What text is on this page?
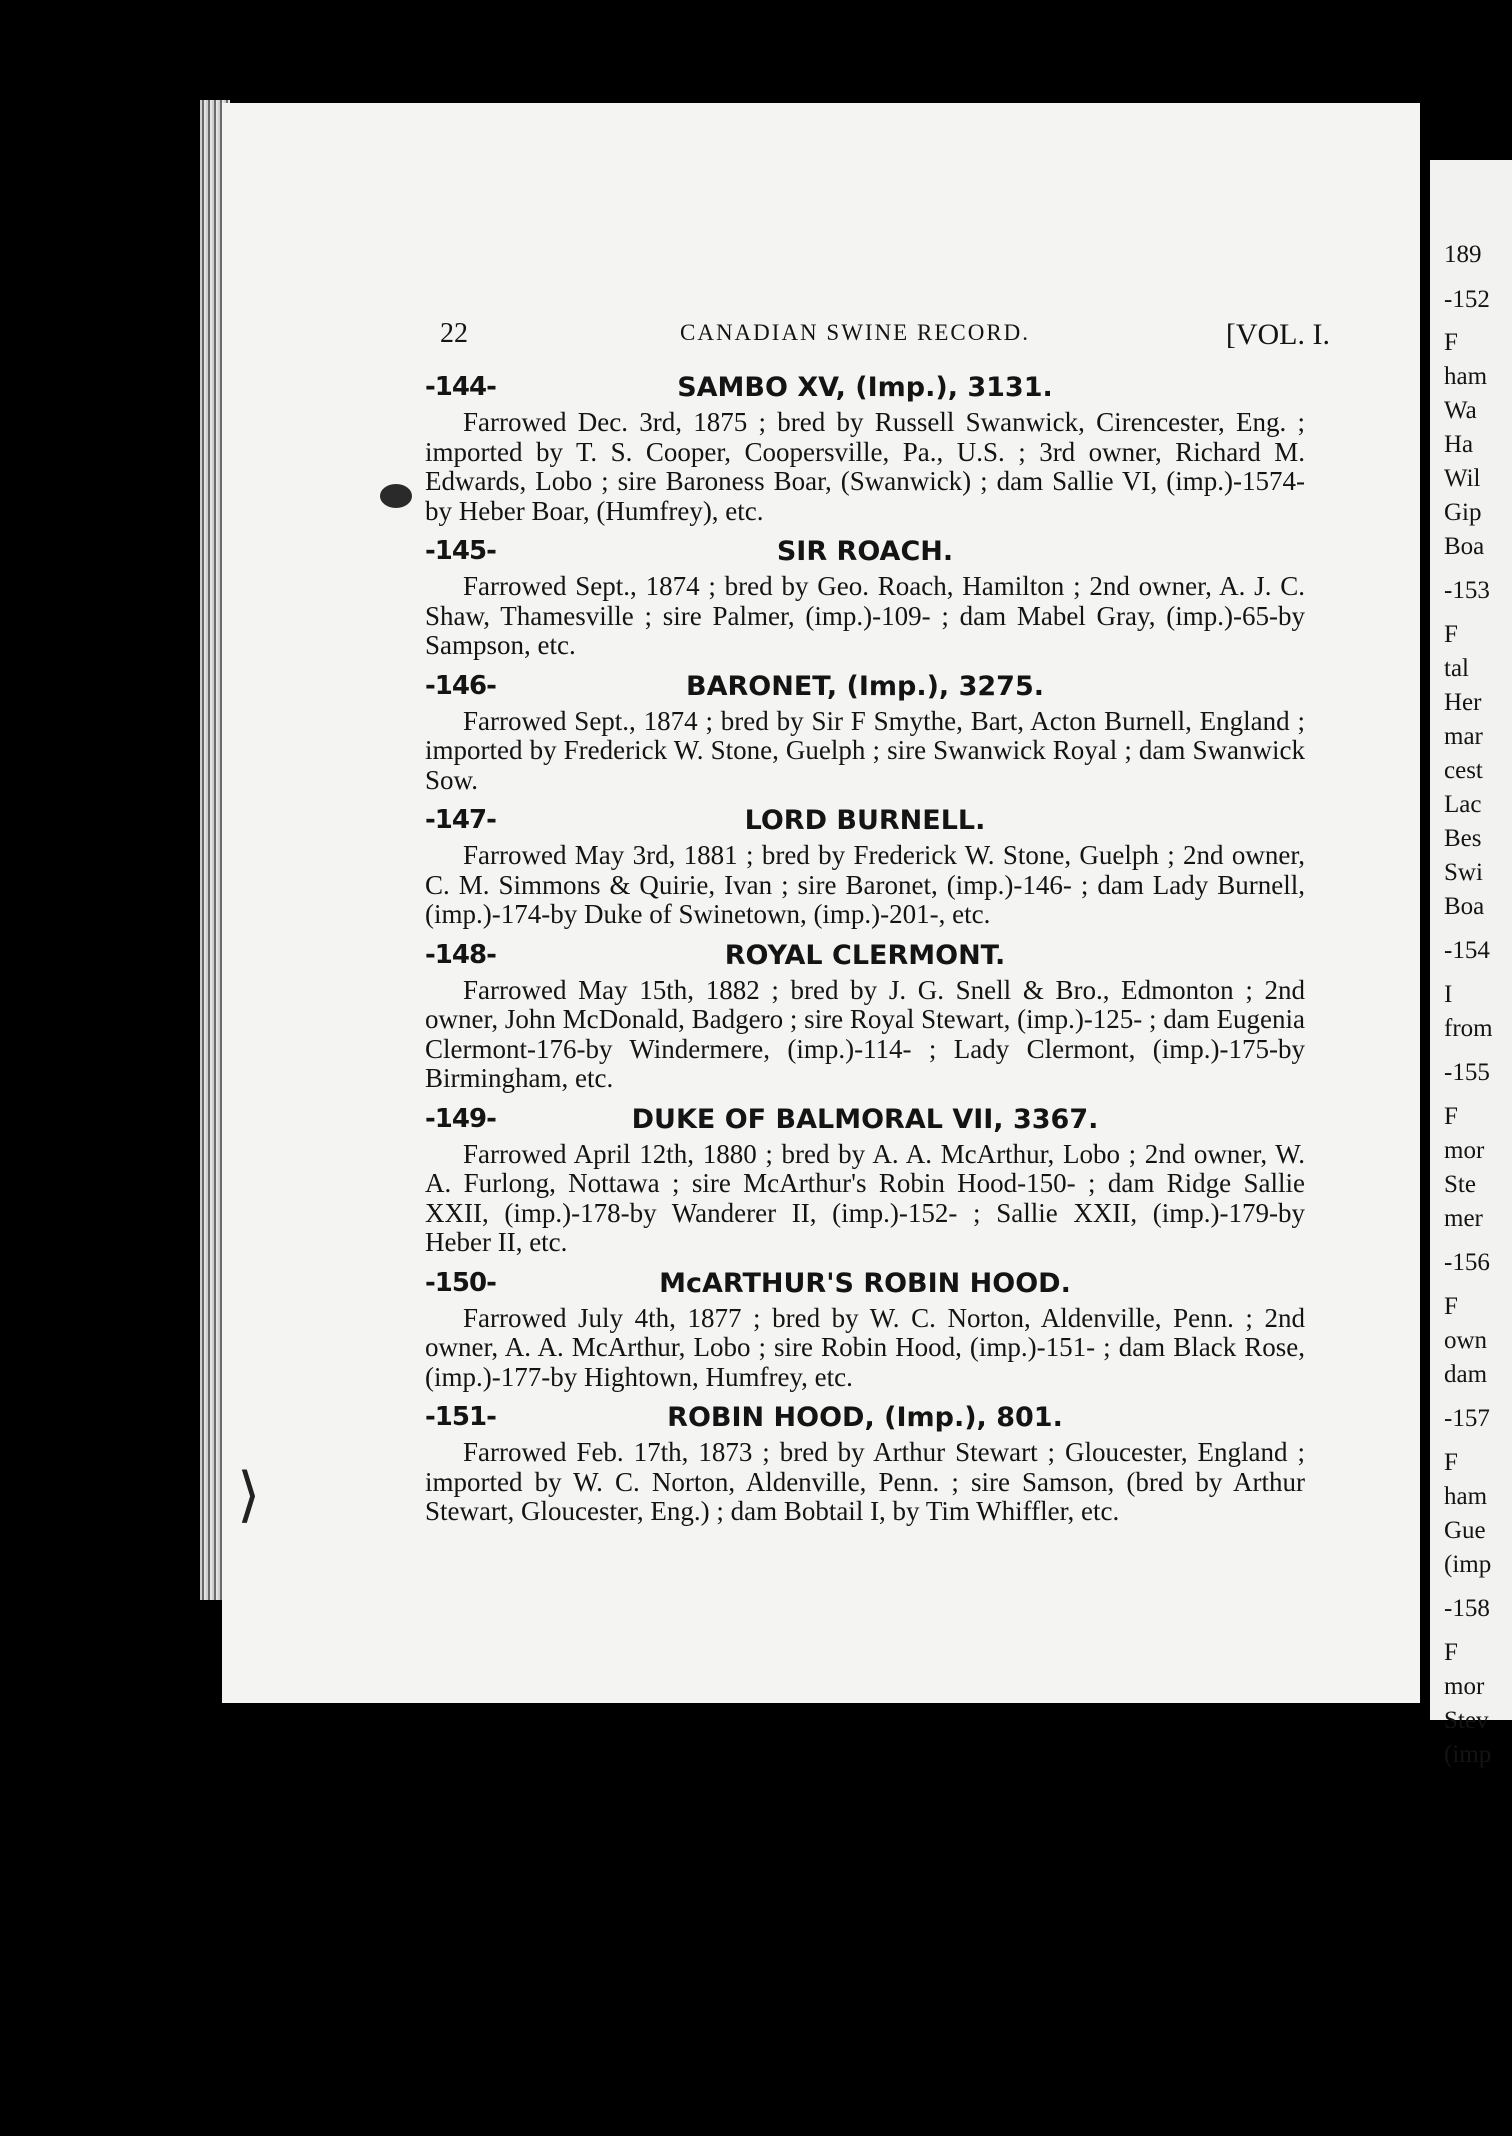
189
-152
F
ham
Wa
Ha
Wil
Gip
Boa
-153
F
tal
Her
mar
cest
Lac
Bes
Swi
Boa
-154
I
from
-155
F
mor
Ste
mer
-156
F
own
dam
-157
F
ham
Gue
(imp
-158
F
mor
Stev
(imp
⟩
22	CANADIAN SWINE RECORD.	[VOL. I.
-144-	SAMBO XV, (Imp.), 3131.

Farrowed Dec. 3rd, 1875 ; bred by Russell Swanwick, Cirencester, Eng. ; imported by T. S. Cooper, Coopersville, Pa., U.S. ; 3rd owner, Richard M. Edwards, Lobo ; sire Baroness Boar, (Swanwick) ; dam Sallie VI, (imp.)-1574-by Heber Boar, (Humfrey), etc.

-145-	SIR ROACH.

Farrowed Sept., 1874 ; bred by Geo. Roach, Hamilton ; 2nd owner, A. J. C. Shaw, Thamesville ; sire Palmer, (imp.)-109- ; dam Mabel Gray, (imp.)-65-by Sampson, etc.

-146-	BARONET, (Imp.), 3275.

Farrowed Sept., 1874 ; bred by Sir F Smythe, Bart, Acton Burnell, England ; imported by Frederick W. Stone, Guelph ; sire Swanwick Royal ; dam Swanwick Sow.

-147-	LORD BURNELL.

Farrowed May 3rd, 1881 ; bred by Frederick W. Stone, Guelph ; 2nd owner, C. M. Simmons & Quirie, Ivan ; sire Baronet, (imp.)-146- ; dam Lady Burnell, (imp.)-174-by Duke of Swinetown, (imp.)-201-, etc.

-148-	ROYAL CLERMONT.

Farrowed May 15th, 1882 ; bred by J. G. Snell & Bro., Edmonton ; 2nd owner, John McDonald, Badgero ; sire Royal Stewart, (imp.)-125- ; dam Eugenia Clermont-176-by Windermere, (imp.)-114- ; Lady Clermont, (imp.)-175-by Birmingham, etc.

-149-	DUKE OF BALMORAL VII, 3367.

Farrowed April 12th, 1880 ; bred by A. A. McArthur, Lobo ; 2nd owner, W. A. Furlong, Nottawa ; sire McArthur's Robin Hood-150- ; dam Ridge Sallie XXII, (imp.)-178-by Wanderer II, (imp.)-152- ; Sallie XXII, (imp.)-179-by Heber II, etc.

-150-	McARTHUR'S ROBIN HOOD.

Farrowed July 4th, 1877 ; bred by W. C. Norton, Aldenville, Penn. ; 2nd owner, A. A. McArthur, Lobo ; sire Robin Hood, (imp.)-151- ; dam Black Rose, (imp.)-177-by Hightown, Humfrey, etc.

-151-	ROBIN HOOD, (Imp.), 801.

Farrowed Feb. 17th, 1873 ; bred by Arthur Stewart ; Gloucester, England ; imported by W. C. Norton, Aldenville, Penn. ; sire Samson, (bred by Arthur Stewart, Gloucester, Eng.) ; dam Bobtail I, by Tim Whiffler, etc.
